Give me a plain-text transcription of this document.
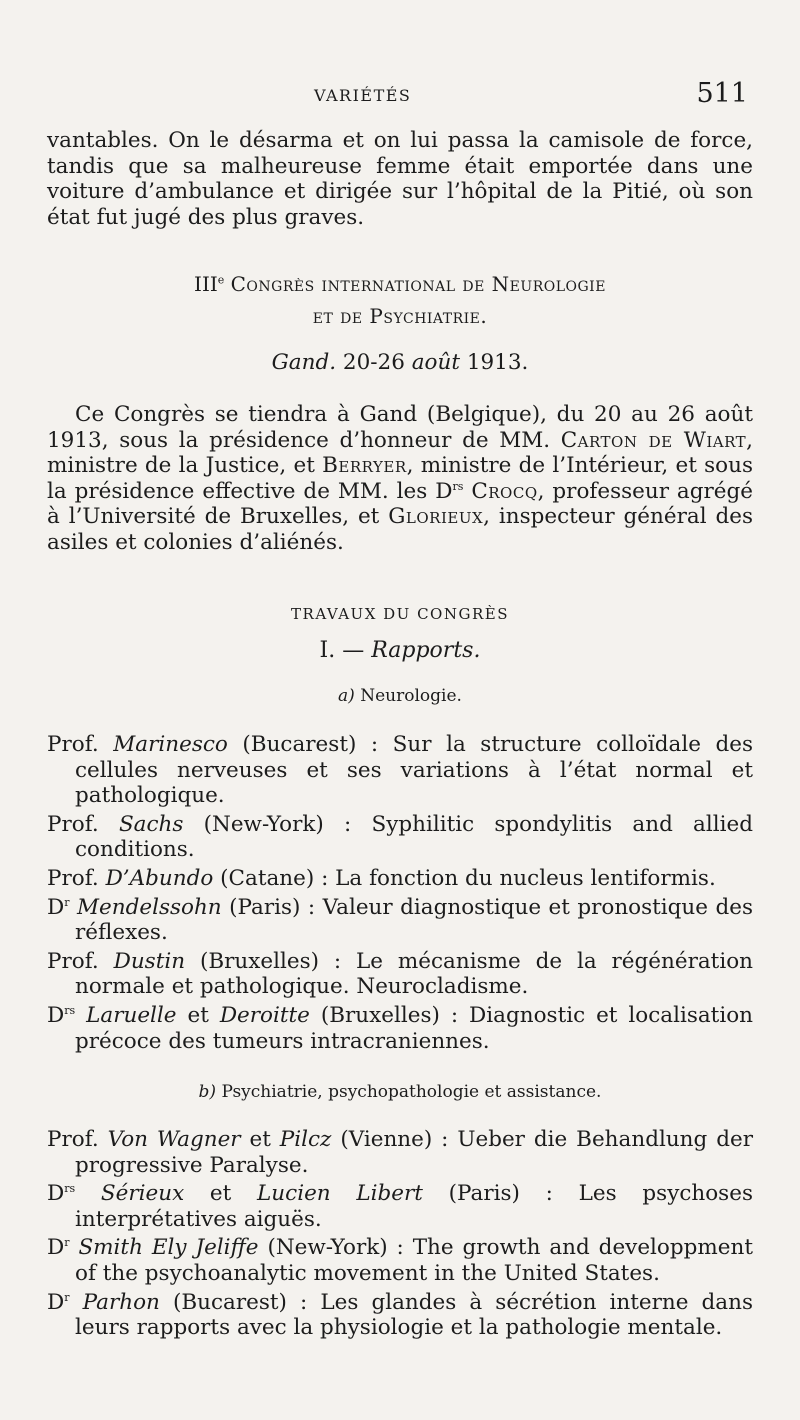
VARIÉTÉS	511
vantables. On le désarma et on lui passa la camisole de force, tandis que sa malheureuse femme était emportée dans une voiture d’ambulance et dirigée sur l’hôpital de la Pitié, où son état fut jugé des plus graves.
IIIe Congrès international de Neurologie
et de Psychiatrie.
Gand. 20-26 août 1913.

Ce Congrès se tiendra à Gand (Belgique), du 20 au 26 août 1913, sous la présidence d’honneur de MM. Carton de Wiart, ministre de la Justice, et Berryer, ministre de l’Intérieur, et sous la présidence effective de MM. les $D^{rs}$ Crocq, professeur agrégé à l’Université de Bruxelles, et Glorieux, inspecteur général des asiles et colonies d’aliénés.

TRAVAUX DU CONGRÈS
I. — Rapports.
a) Neurologie.
Prof. Marinesco (Bucarest) : Sur la structure colloïdale des cellules nerveuses et ses variations à l’état normal et pathologique.
Prof. Sachs (New-York) : Syphilitic spondylitis and allied conditions.
Prof. D’Abundo (Catane) : La fonction du nucleus lentiformis.
$D^r$ Mendelssohn (Paris) : Valeur diagnostique et pronostique des réflexes.
Prof. Dustin (Bruxelles) : Le mécanisme de la régénération normale et pathologique. Neurocladisme.
$D^{rs}$ Laruelle et Deroitte (Bruxelles) : Diagnostic et localisation précoce des tumeurs intracraniennes.
b) Psychiatrie, psychopathologie et assistance.
Prof. Von Wagner et Pilcz (Vienne) : Ueber die Behandlung der progressive Paralyse.
$D^{rs}$ Sérieux et Lucien Libert (Paris) : Les psychoses interprétatives aiguës.
$D^r$ Smith Ely Jeliffe (New-York) : The growth and developpment of the psychoanalytic movement in the United States.
$D^r$ Parhon (Bucarest) : Les glandes à sécrétion interne dans leurs rapports avec la physiologie et la pathologie mentale.
